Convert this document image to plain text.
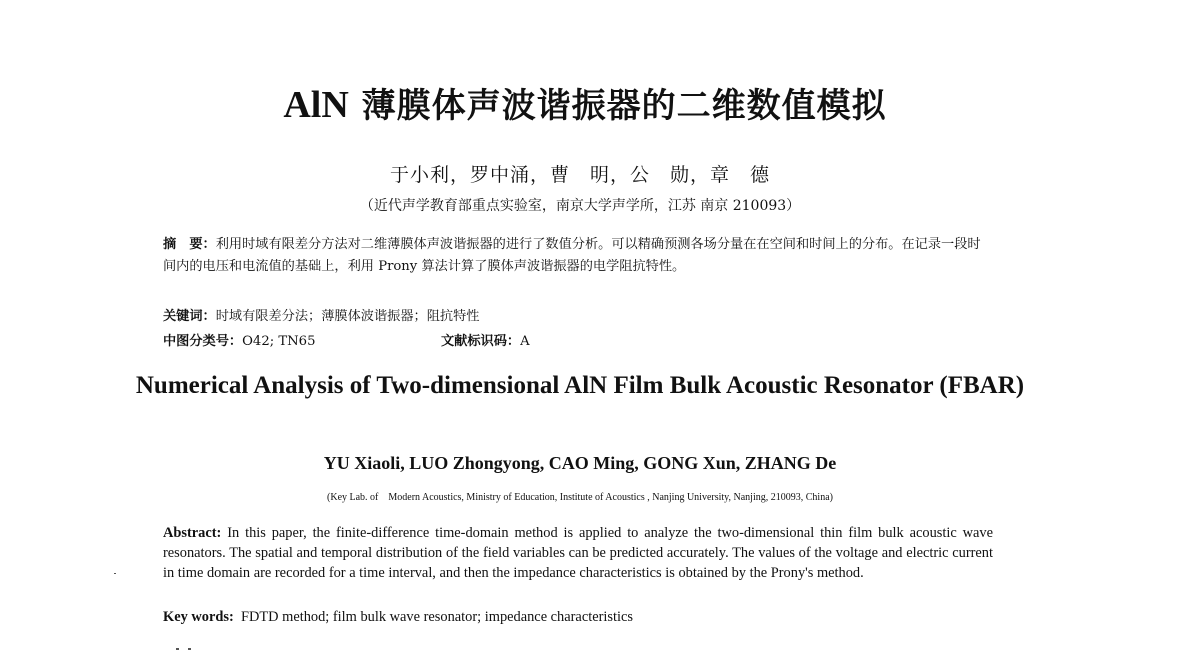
AlN 薄膜体声波谐振器的二维数值模拟
于小利，罗中涌，曹　明，公　勋，章　德
（近代声学教育部重点实验室，南京大学声学所，江苏 南京 210093）
摘　要：利用时域有限差分方法对二维薄膜体声波谐振器的进行了数值分析。可以精确预测各场分量在在空间和时间上的分布。在记录一段时间内的电压和电流值的基础上，利用 Prony 算法计算了膜体声波谐振器的电学阻抗特性。
关键词：时域有限差分法；薄膜体波谐振器；阻抗特性
中图分类号：O42; TN65	文献标识码：A
Numerical Analysis of Two-dimensional AlN Film Bulk Acoustic Resonator (FBAR)
YU Xiaoli, LUO Zhongyong, CAO Ming, GONG Xun, ZHANG De
(Key Lab. of　Modern Acoustics, Ministry of Education, Institute of Acoustics , Nanjing University, Nanjing, 210093, China)
Abstract: In this paper, the finite-difference time-domain method is applied to analyze the two-dimensional thin film bulk acoustic wave resonators. The spatial and temporal distribution of the field variables can be predicted accurately. The values of the voltage and electric current in time domain are recorded for a time interval, and then the impedance characteristics is obtained by the Prony's method.
Key words: FDTD method; film bulk wave resonator; impedance characteristics
